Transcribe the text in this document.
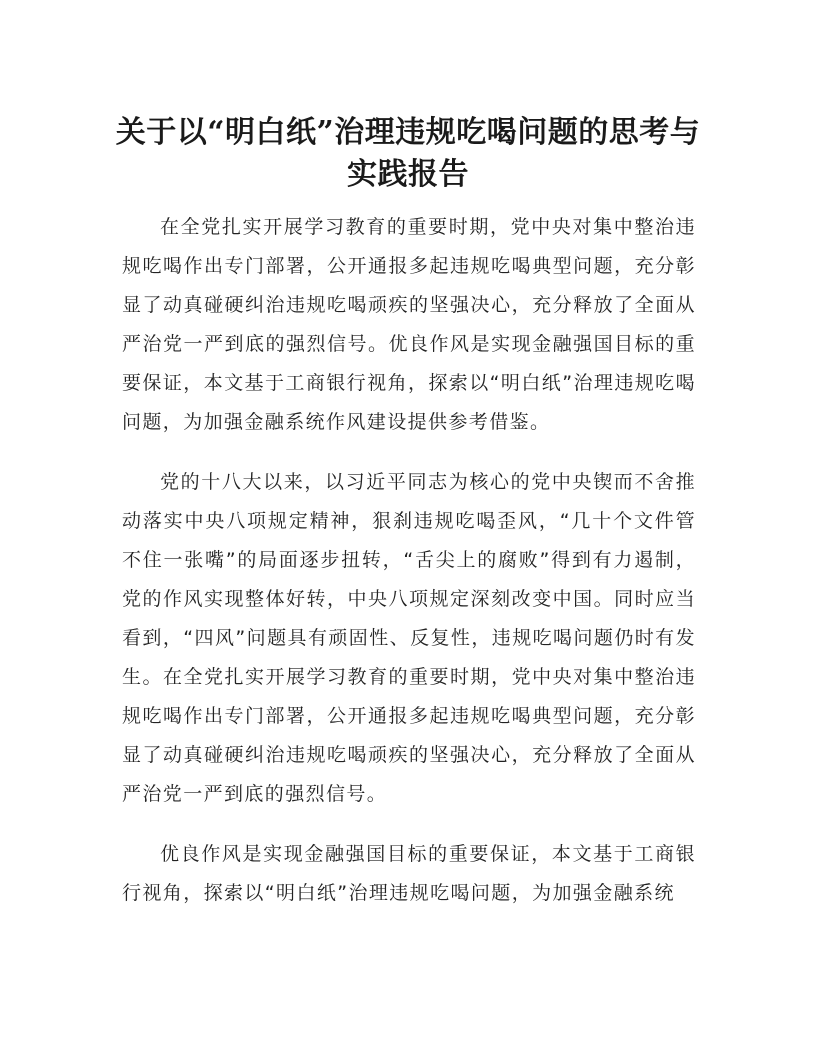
关于以“明白纸”治理违规吃喝问题的思考与实践报告

在全党扎实开展学习教育的重要时期，党中央对集中整治违规吃喝作出专门部署，公开通报多起违规吃喝典型问题，充分彰显了动真碰硬纠治违规吃喝顽疾的坚强决心，充分释放了全面从严治党一严到底的强烈信号。优良作风是实现金融强国目标的重要保证，本文基于工商银行视角，探索以“明白纸”治理违规吃喝问题，为加强金融系统作风建设提供参考借鉴。

党的十八大以来，以习近平同志为核心的党中央锲而不舍推动落实中央八项规定精神，狠刹违规吃喝歪风，“几十个文件管不住一张嘴”的局面逐步扭转，“舌尖上的腐败”得到有力遏制，党的作风实现整体好转，中央八项规定深刻改变中国。同时应当看到，“四风”问题具有顽固性、反复性，违规吃喝问题仍时有发生。在全党扎实开展学习教育的重要时期，党中央对集中整治违规吃喝作出专门部署，公开通报多起违规吃喝典型问题，充分彰显了动真碰硬纠治违规吃喝顽疾的坚强决心，充分释放了全面从严治党一严到底的强烈信号。

优良作风是实现金融强国目标的重要保证，本文基于工商银行视角，探索以“明白纸”治理违规吃喝问题，为加强金融系统
